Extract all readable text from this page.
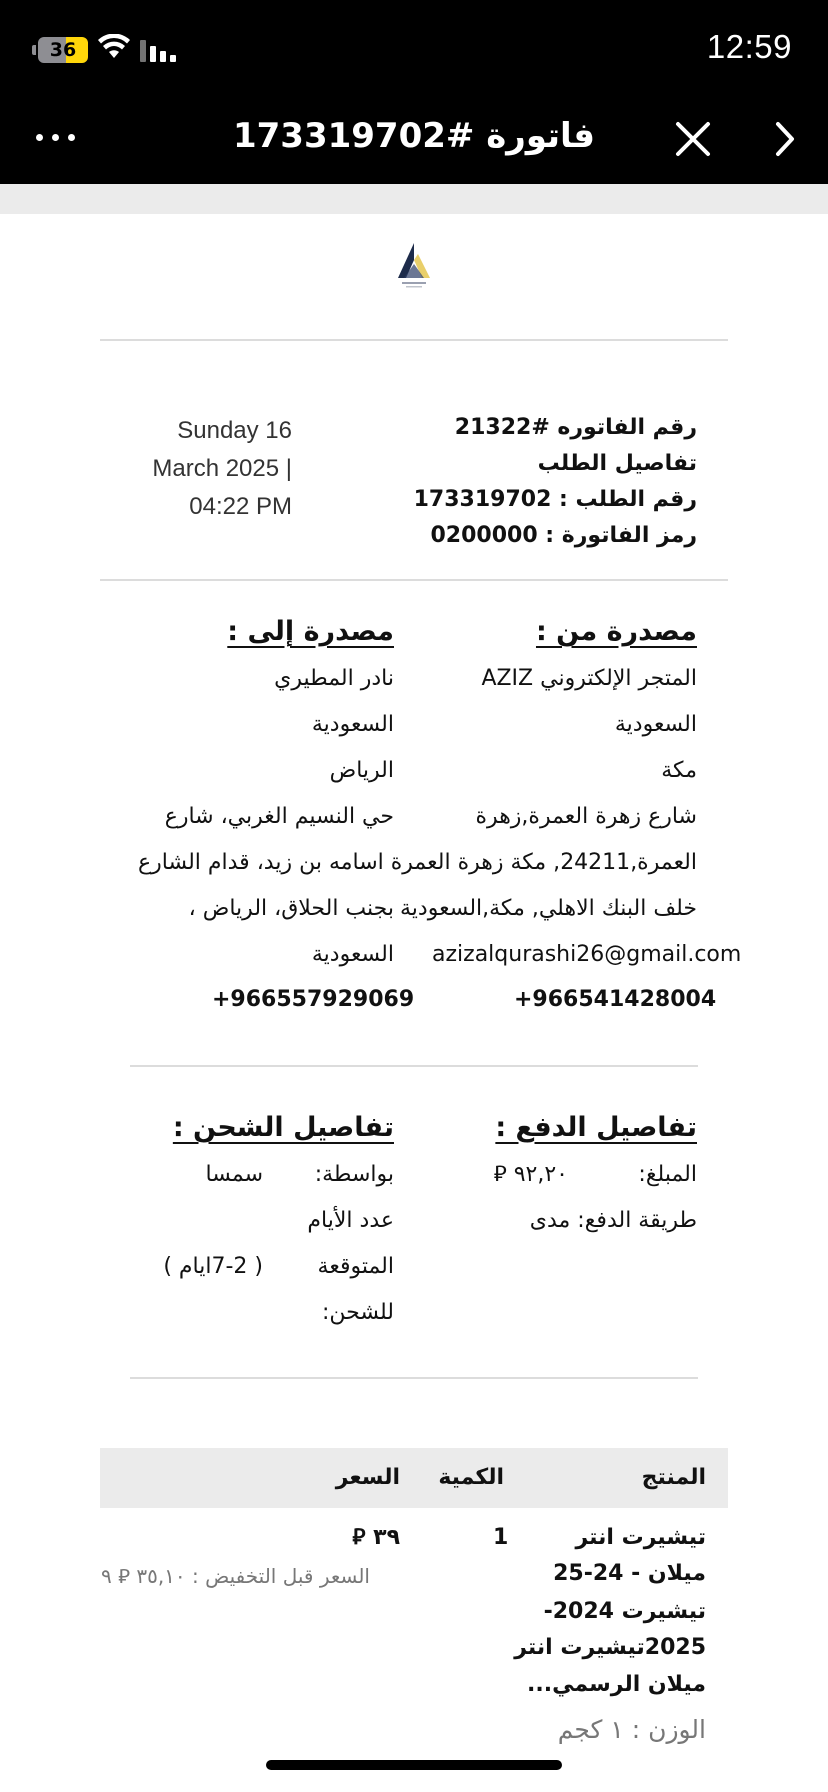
36	12:59
فاتورة #173319702
رقم الفاتوره #21322
تفاصيل الطلب
رقم الطلب : 173319702
رمز الفاتورة : 0200000
Sunday 16
March 2025 |
04:22 PM
مصدرة من :
المتجر الإلكتروني AZIZ
السعودية
مكة
شارع زهرة العمرة,زهرة
العمرة,24211, مكة زهرة العمرة اسامه بن زيد، قدام الشارع
خلف البنك الاهلي, مكة,السعودية
azizalqurashi26@gmail.com
+966541428004
مصدرة إلى :
نادر المطيري
السعودية
الرياض
حي النسيم الغربي، شارع
بجنب الحلاق، الرياض ،
السعودية
+966557929069
تفاصيل الدفع :
المبلغ:
٩٢,٢٠ ⃁
طريقة الدفع: مدى
تفاصيل الشحن :
بواسطة:
سمسا
عدد الأيام
المتوقعة
( 7-2ايام )
للشحن:
المنتج
الكمية
السعر
تيشيرت انتر
ميلان - 24-25
تيشيرت 2024-
2025تيشيرت انتر
ميلان الرسمي...
الوزن : ١ كجم
1
٣٩ ⃁
السعر قبل التخفيض : ٣٥,١٠ ⃁ ٩
